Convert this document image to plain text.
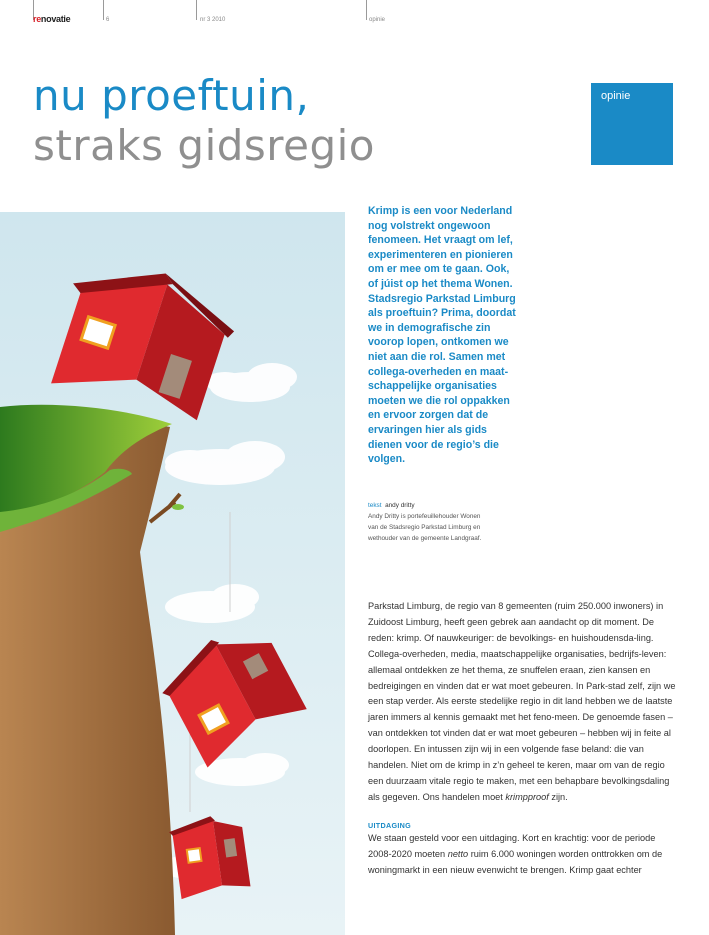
renovatie	6	nr 3 2010	opinie
nu proeftuin,
straks gidsregio
opinie

Krimp is een voor Nederland nog volstrekt ongewoon fenomeen. Het vraagt om lef, experimenteren en pionieren om er mee om te gaan. Ook, of júist op het thema Wonen. Stadsregio Parkstad Limburg als proeftuin? Prima, doordat we in demografische zin voorop lopen, ontkomen we niet aan die rol. Samen met collega-overheden en maat-schappelijke organisaties moeten we die rol oppakken en ervoor zorgen dat de ervaringen hier als gids dienen voor de regio’s die volgen.

tekst andy dritty
Andy Dritty is portefeuillehouder Wonen
van de Stadsregio Parkstad Limburg en
wethouder van de gemeente Landgraaf.

Parkstad Limburg, de regio van 8 gemeenten (ruim 250.000 inwoners) in Zuidoost Limburg, heeft geen gebrek aan aandacht op dit moment. De reden: krimp. Of nauwkeuriger: de bevolkings- en huishoudensda-ling. Collega-overheden, media, maatschappelijke organisaties, bedrijfs-leven: allemaal ontdekken ze het thema, ze snuffelen eraan, zien kansen en bedreigingen en vinden dat er wat moet gebeuren. In Park-stad zelf, zijn we een stap verder. Als eerste stedelijke regio in dit land hebben we de laatste jaren immers al kennis gemaakt met het feno-meen. De genoemde fasen – van ontdekken tot vinden dat er wat moet gebeuren – hebben wij in feite al doorlopen. En intussen zijn wij in een volgende fase beland: die van handelen. Niet om de krimp in z’n geheel te keren, maar om van de regio een duurzaam vitale regio te maken, met een behapbare bevolkingsdaling als gegeven. Ons handelen moet krimpproof zijn.

UITDAGING

We staan gesteld voor een uitdaging. Kort en krachtig: voor de periode 2008-2020 moeten netto ruim 6.000 woningen worden onttrokken om de woningmarkt in een nieuw evenwicht te brengen. Krimp gaat echter
